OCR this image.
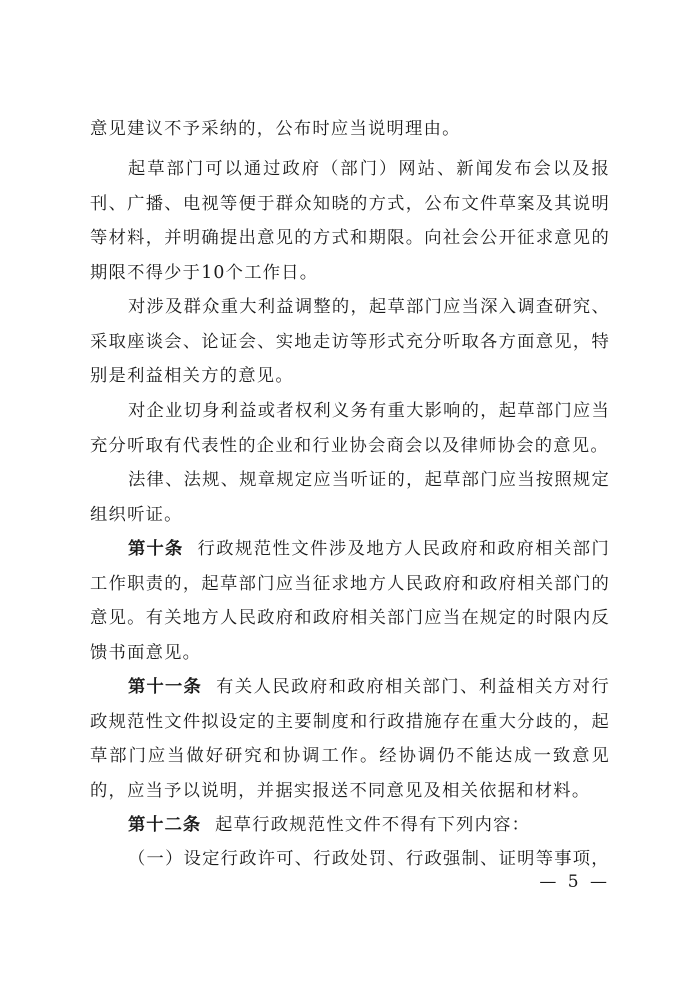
意见建议不予采纳的，公布时应当说明理由。

起草部门可以通过政府（部门）网站、新闻发布会以及报刊、广播、电视等便于群众知晓的方式，公布文件草案及其说明等材料，并明确提出意见的方式和期限。向社会公开征求意见的期限不得少于10个工作日。

对涉及群众重大利益调整的，起草部门应当深入调查研究、采取座谈会、论证会、实地走访等形式充分听取各方面意见，特别是利益相关方的意见。

对企业切身利益或者权利义务有重大影响的，起草部门应当充分听取有代表性的企业和行业协会商会以及律师协会的意见。

法律、法规、规章规定应当听证的，起草部门应当按照规定组织听证。

第十条 行政规范性文件涉及地方人民政府和政府相关部门工作职责的，起草部门应当征求地方人民政府和政府相关部门的意见。有关地方人民政府和政府相关部门应当在规定的时限内反馈书面意见。

第十一条 有关人民政府和政府相关部门、利益相关方对行政规范性文件拟设定的主要制度和行政措施存在重大分歧的，起草部门应当做好研究和协调工作。经协调仍不能达成一致意见的，应当予以说明，并据实报送不同意见及相关依据和材料。

第十二条 起草行政规范性文件不得有下列内容：

（一）设定行政许可、行政处罚、行政强制、证明等事项，

— 5 —
